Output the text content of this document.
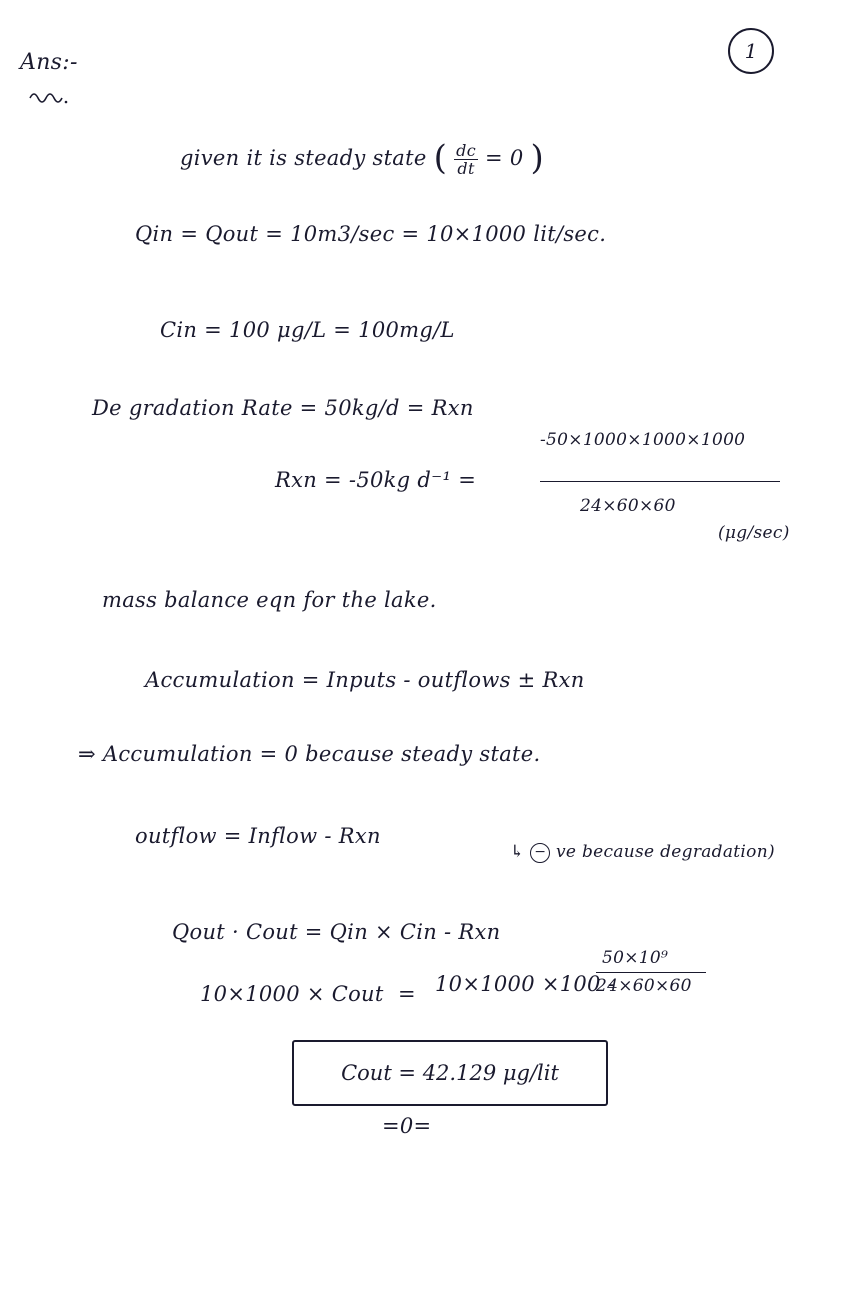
Ans:-	1
given it is steady state ( $\frac{dc}{dt} = 0$ )
Qin = Qout = 10m3/sec = 10×1000 lit/sec.
Cin = 100 μg/L = 100mg/L
De gradation Rate = 50kg/d = Rxn
Rxn = -50kg d⁻¹ =
-50×1000×1000×1000
24×60×60
(μg/sec)
mass balance eqn for the lake.
Accumulation = Inputs - outflows ± Rxn
⇒ Accumulation = 0 because steady state.
outflow = Inflow - Rxn
↳ − ve because degradation)
Qout · Cout = Qin × Cin - Rxn
10×1000 × Cout = 10×1000 ×100 -
50×10⁹
24×60×60
Cout = 42.129 μg/lit
=0=
